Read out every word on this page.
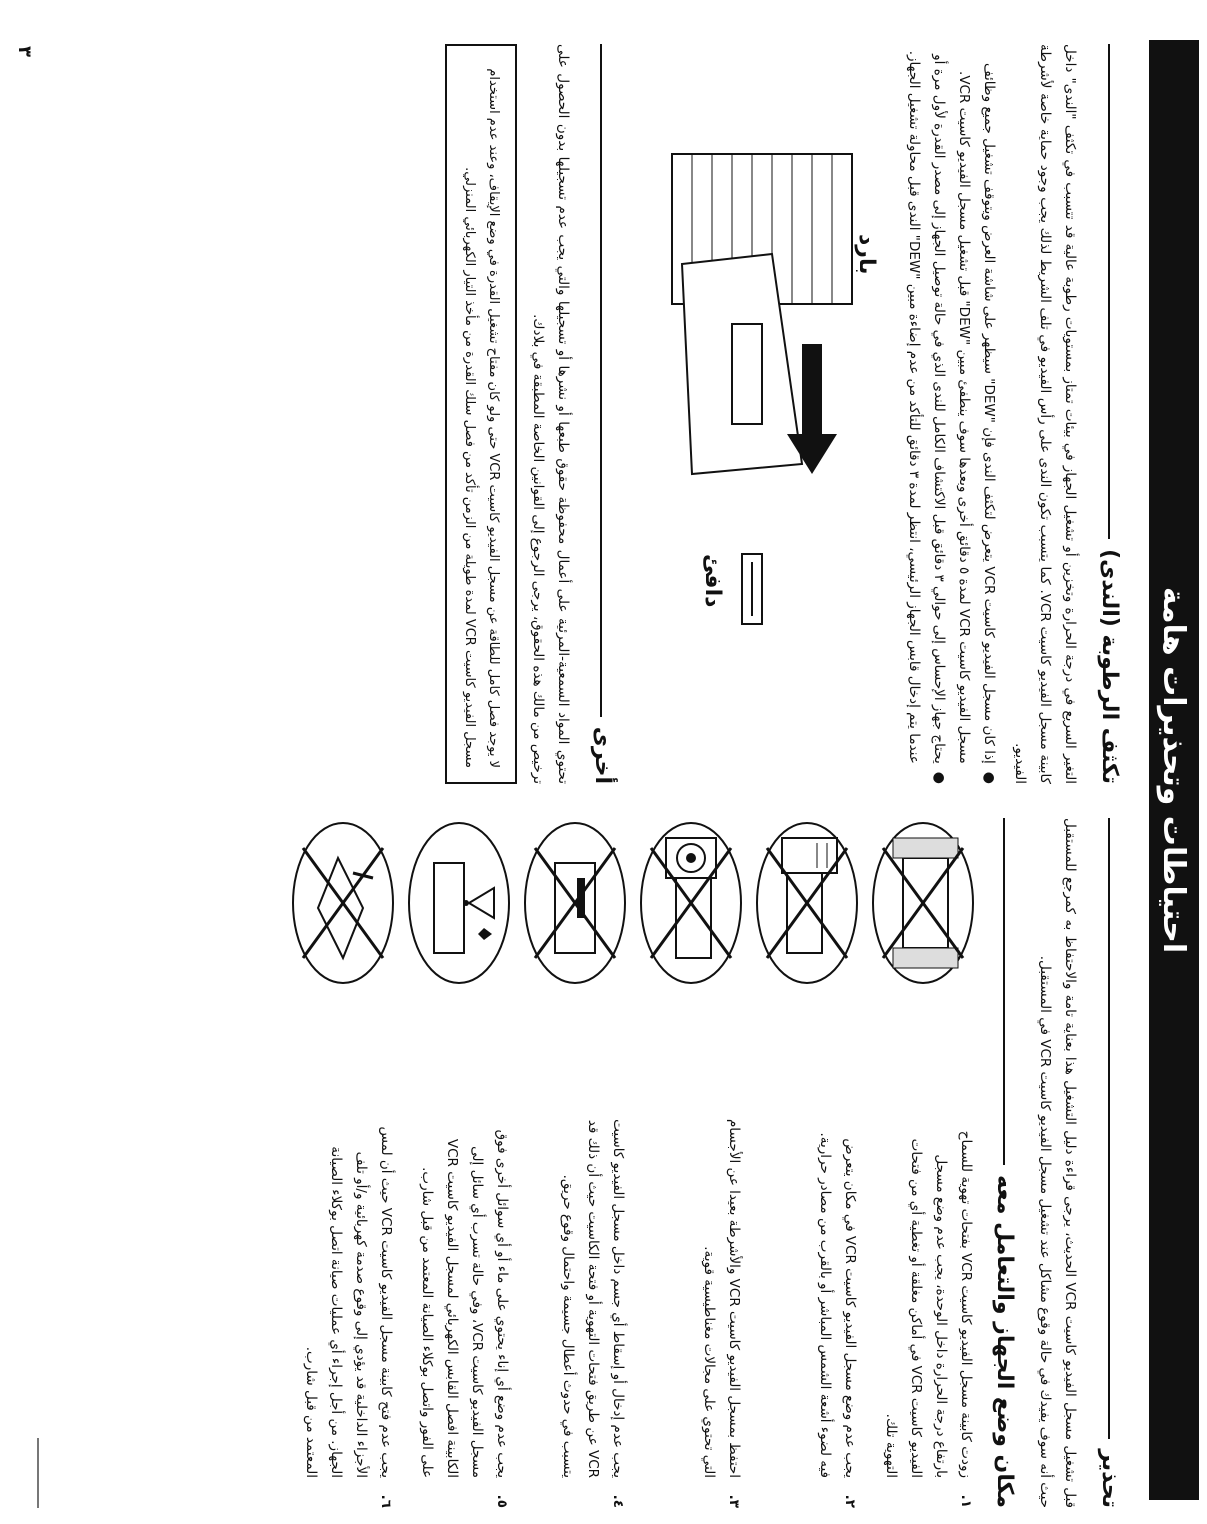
احتياطات وتحذيرات هامة
تحذير

قبل تشغيل مسجل الفيديو كاسيت VCR الحديث، يرجى قراءة دليل التشغيل هذا بعناية تامة والاحتفاظ به كمرجع للمستقبل حيث أنه سوف يفيدك في حالة وقوع مشاكل عند تشغيل مسجل الفيديو كاسيت VCR في المستقبل.

مكان وضع الجهاز والتعامل معه
١.
زودت كابينة مسجل الفيديو كاسيت VCR بفتحات تهوية للسماح بارتفاع درجة الحرارة داخل الوحدة، يجب عدم وضع مسجل الفيديو كاسيت VCR في أماكن مغلقة أو تغطية أي من فتحات التهوية تلك.
٢.
يجب عدم وضع مسجل الفيديو كاسيت VCR في مكان يتعرض فيه لضوء أشعة الشمس المباشر أو بالقرب من مصادر حرارية.
٣.
احتفظ بمسجل الفيديو كاسيت VCR والأشرطة بعيدا عن الأجسام التي تحتوي على مجالات مغناطيسية قوية.
٤.
يجب عدم إدخال أو إسقاط أي جسم داخل مسجل الفيديو كاسيت VCR عن طريق فتحات التهوية أو فتحة الكاسيت حيث أن ذلك قد يتسبب في حدوث أعطال جسيمة واحتمال وقوع حريق.
٥.
يجب عدم وضع أي إناء يحتوي على ماء أو أي سوائل أخرى فوق مسجل الفيديو كاسيت VCR، وفي حالة تسرب أي سائل إلى الكابينة افصل القابس الكهربائي لمسجل الفيديو كاسيت VCR على الفور واتصل بوكلاء الصيانة المعتمد من قبل شارب.
٦.
يجب عدم فتح كابينة مسجل الفيديو كاسيت VCR حيث أن لمس الأجزاء الداخلية قد يؤدي إلى وقوع صدمة كهربائية و/أو تلف الجهاز. من أجل إجراء أي عمليات صيانة اتصل بوكلاء الصيانة المعتمد من قبل شارب.
تكثف الرطوبة (الندى)

التغير السريع في درجة الحرارة وتخزين أو تشغيل الجهاز في بيئات تمتاز بمستويات رطوبة عالية قد تتسبب في تكثف "الندى" داخل كابينة مسجل الفيديو كاسيت VCR. كما يتسبب تكون الندى على رأس الفيديو في تلف الشريط لذلك يجب وجود حماية خاصة لأشرطة الفيديو.

●
إذا كان مسجل الفيديو كاسيت VCR يتعرض لتكثف الندى فإن "DEW" سيظهر على شاشة العرض ويتوقف تشغيل جميع وظائف مسجل الفيديو كاسيت VCR لمدة ٥ دقائق أخرى وبعدها سوف ينطفئ مبين "DEW" قبل تشغيل مسجل الفيديو كاسيت VCR.
●
يحتاج جهاز الإحساس إلى حوالي ٣ دقائق قبل الاكتشاف الكامل للندى الذي في حالة توصيل الجهاز إلى مصدر القدرة لأول مرة أو عندما يتم إدخال قابس الجهاز الرئيسي، انتظر لمدة ٣ دقائق للتأكد من عدم إضاءة مبين "DEW" الندى قبل محاولة تشغيل الجهاز.
بارد
دافئ
أخرى

تحتوي المواد السمعية-المرئية على أعمال محفوظة حقوق طبعها أو نشرها أو تسجيلها والتي يجب عدم تسجيلها بدون الحصول على ترخيص من مالك هذه الحقوق، يرجى الرجوع إلى القوانين الخاصة المطبقة في بلادك.

لا يوجد فصل كامل للطاقة عن مسجل الفيديو كاسيت VCR حتى ولو كان مفتاح تشغيل القدرة في وضع الإيقاف، وعند عدم استخدام مسجل الفيديو كاسيت VCR لمدة طويلة من الزمن تأكد من فصل سلك القدرة من مأخذ التيار الكهربائي المنزلي.
٣
